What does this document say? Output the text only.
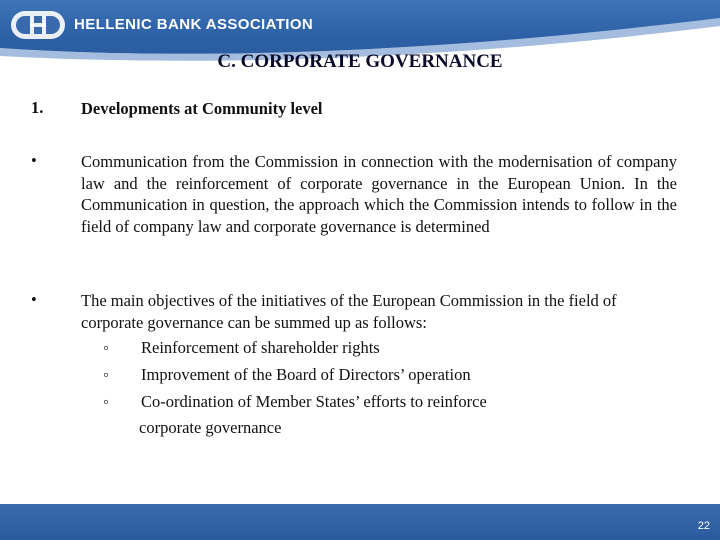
HELLENIC BANK ASSOCIATION
C. CORPORATE GOVERNANCE
1. Developments at Community level
•	Communication from the Commission in connection with the modernisation of company law and the reinforcement of corporate governance in the European Union. In the Communication in question, the approach which the Commission intends to follow in the field of company law and corporate governance is determined
•	The main objectives of the initiatives of the European Commission in the field of corporate governance can be summed up as follows:
◦ Reinforcement of shareholder rights
◦ Improvement of the Board of Directors’ operation
◦ Co-ordination of Member States’ efforts to reinforce
corporate governance
22
